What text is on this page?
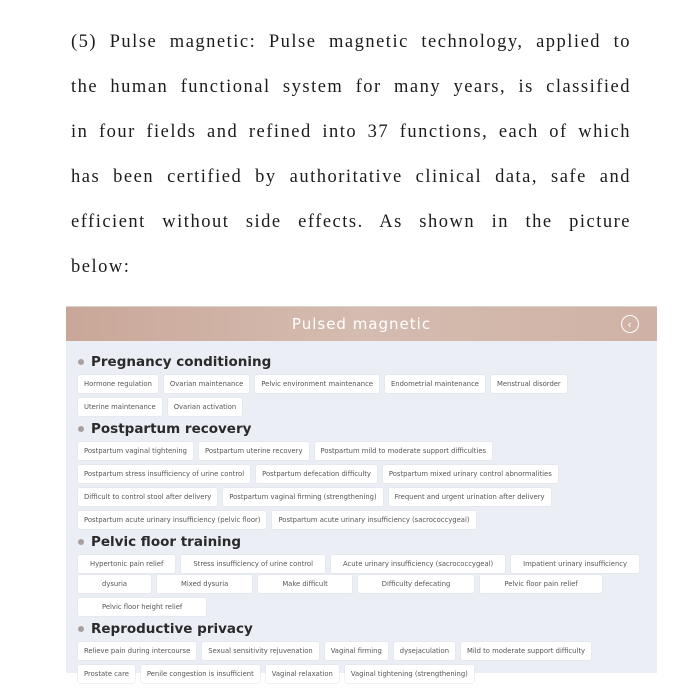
(5) Pulse magnetic: Pulse magnetic technology, applied to the human functional system for many years, is classified in four fields and refined into 37 functions, each of which has been certified by authoritative clinical data, safe and efficient without side effects. As shown in the picture below:

Pulsed magnetic	‹
Pregnancy conditioning
Hormone regulation	Ovarian maintenance	Pelvic environment maintenance	Endometrial maintenance	Menstrual disorder
Uterine maintenance	Ovarian activation
Postpartum recovery
Postpartum vaginal tightening	Postpartum uterine recovery	Postpartum mild to moderate support difficulties
Postpartum stress insufficiency of urine control	Postpartum defecation difficulty	Postpartum mixed urinary control abnormalities
Difficult to control stool after delivery	Postpartum vaginal firming (strengthening)	Frequent and urgent urination after delivery
Postpartum acute urinary insufficiency (pelvic floor)	Postpartum acute urinary insufficiency (sacrococcygeal)
Pelvic floor training
Hypertonic pain relief	Stress insufficiency of urine control	Acute urinary insufficiency (sacrococcygeal)	Impatient urinary insufficiency
dysuria	Mixed dysuria	Make difficult	Difficulty defecating	Pelvic floor pain relief
Pelvic floor height relief
Reproductive privacy
Relieve pain during intercourse	Sexual sensitivity rejuvenation	Vaginal firming	dysejaculation	Mild to moderate support difficulty
Prostate care	Penile congestion is insufficient	Vaginal relaxation	Vaginal tightening (strengthening)
